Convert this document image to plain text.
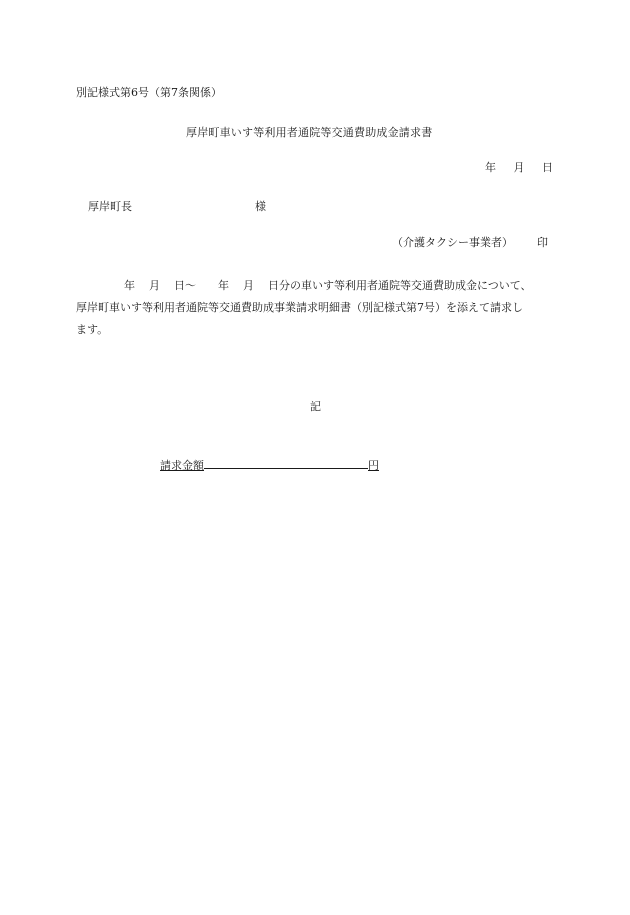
別記様式第6号（第7条関係）
厚岸町車いす等利用者通院等交通費助成金請求書
年 月 日
厚岸町長	様
（介護タクシー事業者） 印
年 月 日〜 年 月 日分の車いす等利用者通院等交通費助成金について、
厚岸町車いす等利用者通院等交通費助成事業請求明細書（別記様式第7号）を添えて請求し
ます。
記
請求金額	円
